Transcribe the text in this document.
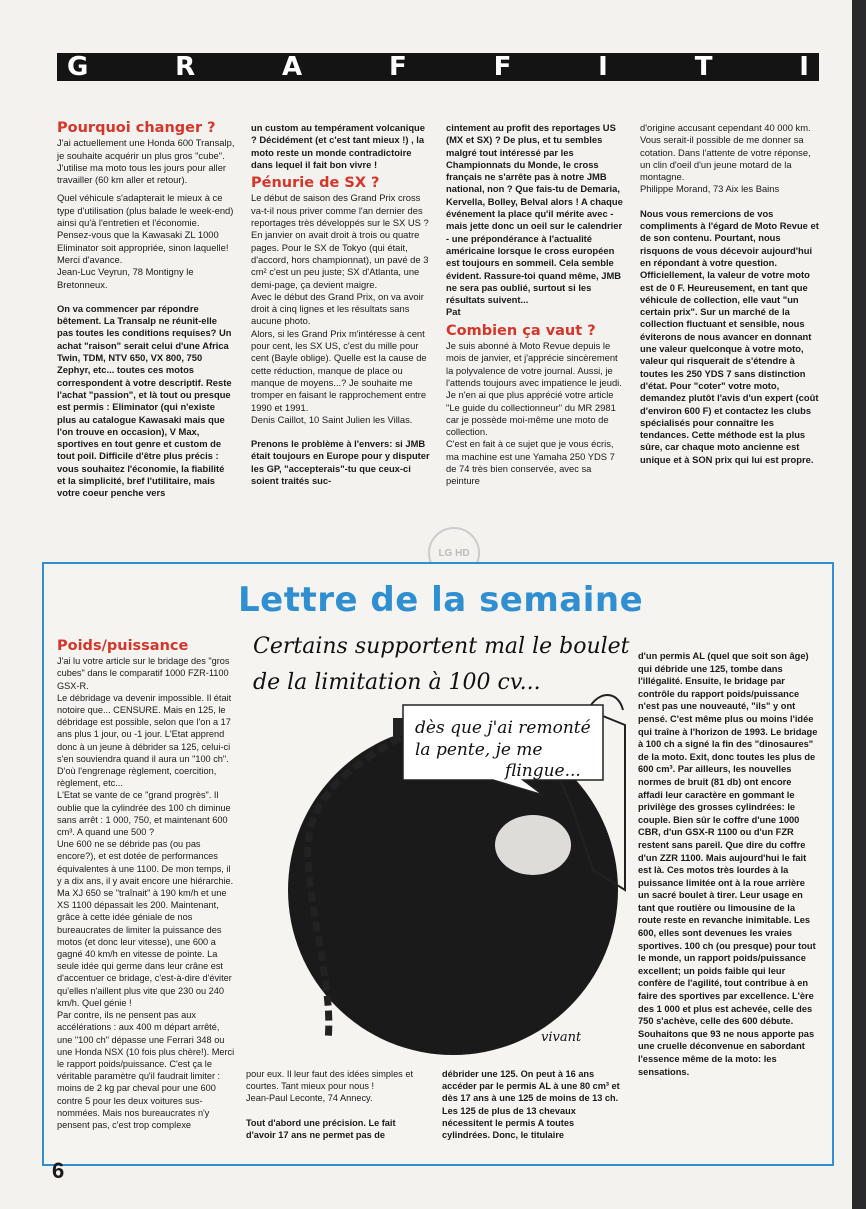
G	R	A	F	F	I	T	I
Pourquoi changer ?

J'ai actuellement une Honda 600 Transalp, je souhaite acquérir un plus gros "cube". J'utilise ma moto tous les jours pour aller travailler (60 km aller et retour).

Quel véhicule s'adapterait le mieux à ce type d'utilisation (plus balade le week-end) ainsi qu'à l'entretien et l'économie. Pensez-vous que la Kawasaki ZL 1000 Eliminator soit appropriée, sinon laquelle! Merci d'avance.

Jean-Luc Veyrun, 78 Montigny le Bretonneux.

On va commencer par répondre bêtement. La Transalp ne réunit-elle pas toutes les conditions requises? Un achat "raison" serait celui d'une Africa Twin, TDM, NTV 650, VX 800, 750 Zephyr, etc... toutes ces motos correspondent à votre descriptif. Reste l'achat "passion", et là tout ou presque est permis : Eliminator (qui n'existe plus au catalogue Kawasaki mais que l'on trouve en occasion), V Max, sportives en tout genre et custom de tout poil. Difficile d'être plus précis : vous souhaitez l'économie, la fiabilité et la simplicité, bref l'utilitaire, mais votre coeur penche vers

un custom au tempérament volcanique ? Décidément (et c'est tant mieux !) , la moto reste un monde contradictoire dans lequel il fait bon vivre !

Pénurie de SX ?

Le début de saison des Grand Prix cross va-t-il nous priver comme l'an dernier des reportages très développés sur le SX US ? En janvier on avait droit à trois ou quatre pages. Pour le SX de Tokyo (qui était, d'accord, hors championnat), un pavé de 3 cm² c'est un peu juste; SX d'Atlanta, une demi-page, ça devient maigre.

Avec le début des Grand Prix, on va avoir droit à cinq lignes et les résultats sans aucune photo.

Alors, si les Grand Prix m'intéresse à cent pour cent, les SX US, c'est du mille pour cent (Bayle oblige). Quelle est la cause de cette réduction, manque de place ou manque de moyens...? Je souhaite me tromper en faisant le rapprochement entre 1990 et 1991.

Denis Caillot, 10 Saint Julien les Villas.

Prenons le problème à l'envers: si JMB était toujours en Europe pour y disputer les GP, "accepterais"-tu que ceux-ci soient traités suc-

cintement au profit des reportages US (MX et SX) ? De plus, et tu sembles malgré tout intéressé par les Championnats du Monde, le cross français ne s'arrête pas à notre JMB national, non ? Que fais-tu de Demaria, Kervella, Bolley, Belval alors ! A chaque événement la place qu'il mérite avec - mais jette donc un oeil sur le calendrier - une prépondérance à l'actualité américaine lorsque le cross européen est toujours en sommeil. Cela semble évident. Rassure-toi quand même, JMB ne sera pas oublié, surtout si les résultats suivent...

Pat

Combien ça vaut ?

Je suis abonné à Moto Revue depuis le mois de janvier, et j'apprécie sincèrement la polyvalence de votre journal. Aussi, je l'attends toujours avec impatience le jeudi.

Je n'en ai que plus apprécié votre article "Le guide du collectionneur" du MR 2981 car je possède moi-même une moto de collection.

C'est en fait à ce sujet que je vous écris, ma machine est une Yamaha 250 YDS 7 de 74 très bien conservée, avec sa peinture

d'origine accusant cependant 40 000 km. Vous serait-il possible de me donner sa cotation. Dans l'attente de votre réponse, un clin d'oeil d'un jeune motard de la montagne.

Philippe Morand, 73 Aix les Bains

Nous vous remercions de vos compliments à l'égard de Moto Revue et de son contenu. Pourtant, nous risquons de vous décevoir aujourd'hui en répondant à votre question. Officiellement, la valeur de votre moto est de 0 F. Heureusement, en tant que véhicule de collection, elle vaut "un certain prix". Sur un marché de la collection fluctuant et sensible, nous éviterons de nous avancer en donnant une valeur quelconque à votre moto, valeur qui risquerait de s'étendre à toutes les 250 YDS 7 sans distinction d'état. Pour "coter" votre moto, demandez plutôt l'avis d'un expert (coût d'environ 600 F) et contactez les clubs spécialisés pour connaître les tendances. Cette méthode est la plus sûre, car chaque moto ancienne est unique et à SON prix qui lui est propre.

LG HD
Lettre de la semaine
Poids/puissance

J'ai lu votre article sur le bridage des "gros cubes" dans le comparatif 1000 FZR-1100 GSX-R.

Le débridage va devenir impossible. Il était notoire que... CENSURE. Mais en 125, le débridage est possible, selon que l'on a 17 ans plus 1 jour, ou -1 jour. L'Etat apprend donc à un jeune à débrider sa 125, celui-ci s'en souviendra quand il aura un "100 ch". D'où l'engrenage règlement, coercition, règlement, etc...

L'Etat se vante de ce "grand progrès". Il oublie que la cylindrée des 100 ch diminue sans arrêt : 1 000, 750, et maintenant 600 cm³. A quand une 500 ?

Une 600 ne se débride pas (ou pas encore?), et est dotée de performances équivalentes à une 1100. De mon temps, il y a dix ans, il y avait encore une hiérarchie. Ma XJ 650 se "traînait" à 190 km/h et une XS 1100 dépassait les 200. Maintenant, grâce à cette idée géniale de nos bureaucrates de limiter la puissance des motos (et donc leur vitesse), une 600 a gagné 40 km/h en vitesse de pointe. La seule idée qui germe dans leur crâne est d'accentuer ce bridage, c'est-à-dire d'éviter qu'elles n'aillent plus vite que 230 ou 240 km/h. Quel génie !

Par contre, ils ne pensent pas aux accélérations : aux 400 m départ arrêté, une "100 ch" dépasse une Ferrari 348 ou une Honda NSX (10 fois plus chère!). Merci le rapport poids/puissance. C'est ça le véritable paramètre qu'il faudrait limiter : moins de 2 kg par cheval pour une 600 contre 5 pour les deux voitures sus-nommées. Mais nos bureaucrates n'y pensent pas, c'est trop complexe

Certains supportent mal le boulet
de la limitation à 100 cv...
dès que j'ai remonté
la pente, je me
flingue...
vivant

pour eux. Il leur faut des idées simples et courtes. Tant mieux pour nous !

Jean-Paul Leconte, 74 Annecy.

Tout d'abord une précision. Le fait d'avoir 17 ans ne permet pas de

débrider une 125. On peut à 16 ans accéder par le permis AL à une 80 cm³ et dès 17 ans à une 125 de moins de 13 ch. Les 125 de plus de 13 chevaux nécessitent le permis A toutes cylindrées. Donc, le titulaire

d'un permis AL (quel que soit son âge) qui débride une 125, tombe dans l'illégalité. Ensuite, le bridage par contrôle du rapport poids/puissance n'est pas une nouveauté, "ils" y ont pensé. C'est même plus ou moins l'idée qui traîne à l'horizon de 1993. Le bridage à 100 ch a signé la fin des "dinosaures" de la moto. Exit, donc toutes les plus de 600 cm³. Par ailleurs, les nouvelles normes de bruit (81 db) ont encore affadi leur caractère en gommant le privilège des grosses cylindrées: le couple. Bien sûr le coffre d'une 1000 CBR, d'un GSX-R 1100 ou d'un FZR restent sans pareil. Que dire du coffre d'un ZZR 1100. Mais aujourd'hui le fait est là. Ces motos très lourdes à la puissance limitée ont à la roue arrière un sacré boulet à tirer. Leur usage en tant que routière ou limousine de la route reste en revanche inimitable. Les 600, elles sont devenues les vraies sportives. 100 ch (ou presque) pour tout le monde, un rapport poids/puissance excellent; un poids faible qui leur confère de l'agilité, tout contribue à en faire des sportives par excellence. L'ère des 1 000 et plus est achevée, celle des 750 s'achève, celle des 600 débute. Souhaitons que 93 ne nous apporte pas une cruelle déconvenue en sabordant l'essence même de la moto: les sensations.

6
